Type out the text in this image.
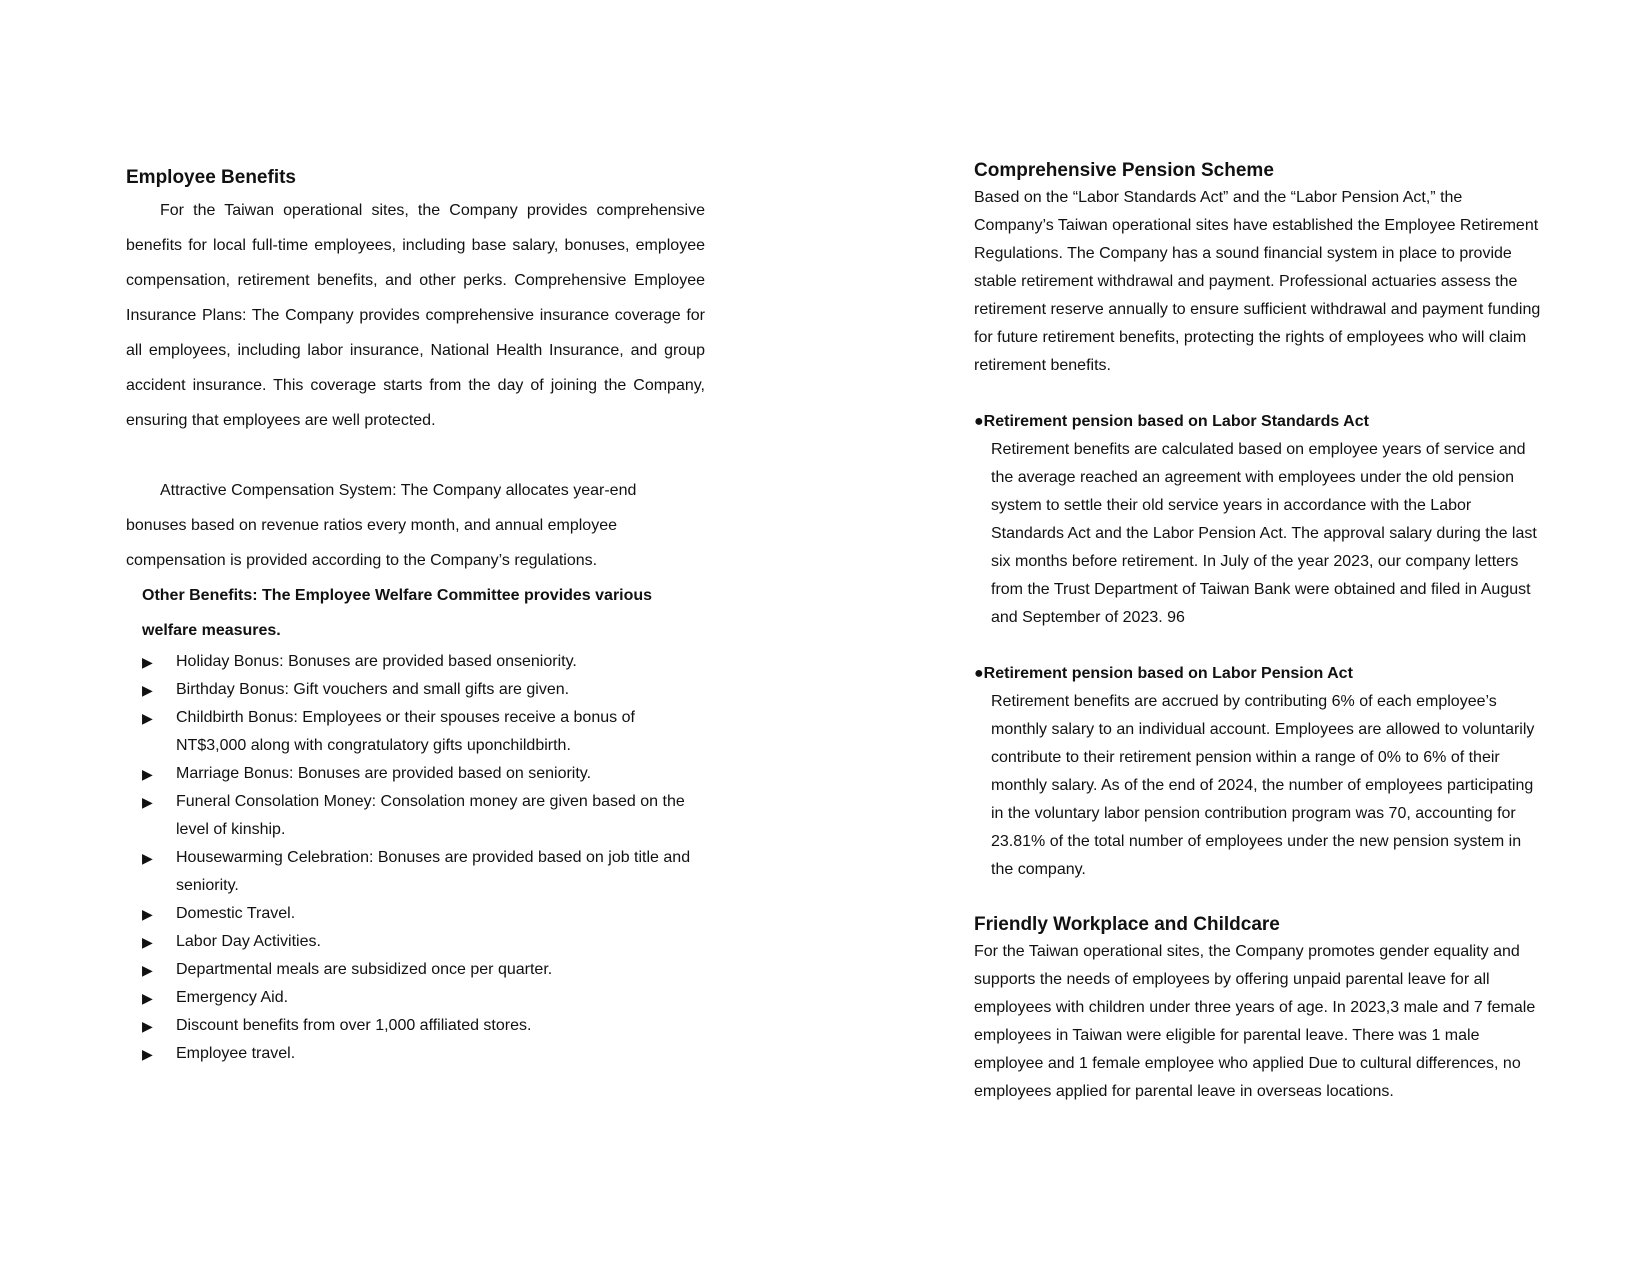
Employee Benefits

For the Taiwan operational sites, the Company provides comprehensive benefits for local full-time employees, including base salary, bonuses, employee compensation, retirement benefits, and other perks. Comprehensive Employee Insurance Plans: The Company provides comprehensive insurance coverage for all employees, including labor insurance, National Health Insurance, and group accident insurance. This coverage starts from the day of joining the Company, ensuring that employees are well protected.

Attractive Compensation System: The Company allocates year-end bonuses based on revenue ratios every month, and annual employee compensation is provided according to the Company’s regulations.

Other Benefits: The Employee Welfare Committee provides various welfare measures.

▶ Holiday Bonus: Bonuses are provided based onseniority.
▶ Birthday Bonus: Gift vouchers and small gifts are given.
▶ Childbirth Bonus: Employees or their spouses receive a bonus of NT$3,000 along with congratulatory gifts uponchildbirth.
▶ Marriage Bonus: Bonuses are provided based on seniority.
▶ Funeral Consolation Money: Consolation money are given based on the level of kinship.
▶ Housewarming Celebration: Bonuses are provided based on job title and seniority.
▶ Domestic Travel.
▶ Labor Day Activities.
▶ Departmental meals are subsidized once per quarter.
▶ Emergency Aid.
▶ Discount benefits from over 1,000 affiliated stores.
▶ Employee travel.
Comprehensive Pension Scheme

Based on the “Labor Standards Act” and the “Labor Pension Act,” the Company’s Taiwan operational sites have established the Employee Retirement Regulations. The Company has a sound financial system in place to provide stable retirement withdrawal and payment. Professional actuaries assess the retirement reserve annually to ensure sufficient withdrawal and payment funding for future retirement benefits, protecting the rights of employees who will claim retirement benefits.

●Retirement pension based on Labor Standards Act

Retirement benefits are calculated based on employee years of service and the average reached an agreement with employees under the old pension system to settle their old service years in accordance with the Labor Standards Act and the Labor Pension Act. The approval salary during the last six months before retirement. In July of the year 2023, our company letters from the Trust Department of Taiwan Bank were obtained and filed in August and September of 2023. 96

●Retirement pension based on Labor Pension Act

Retirement benefits are accrued by contributing 6% of each employee’s monthly salary to an individual account. Employees are allowed to voluntarily contribute to their retirement pension within a range of 0% to 6% of their monthly salary. As of the end of 2024, the number of employees participating in the voluntary labor pension contribution program was 70, accounting for 23.81% of the total number of employees under the new pension system in the company.

Friendly Workplace and Childcare

For the Taiwan operational sites, the Company promotes gender equality and supports the needs of employees by offering unpaid parental leave for all employees with children under three years of age. In 2023,3 male and 7 female employees in Taiwan were eligible for parental leave. There was 1 male employee and 1 female employee who applied Due to cultural differences, no employees applied for parental leave in overseas locations.
